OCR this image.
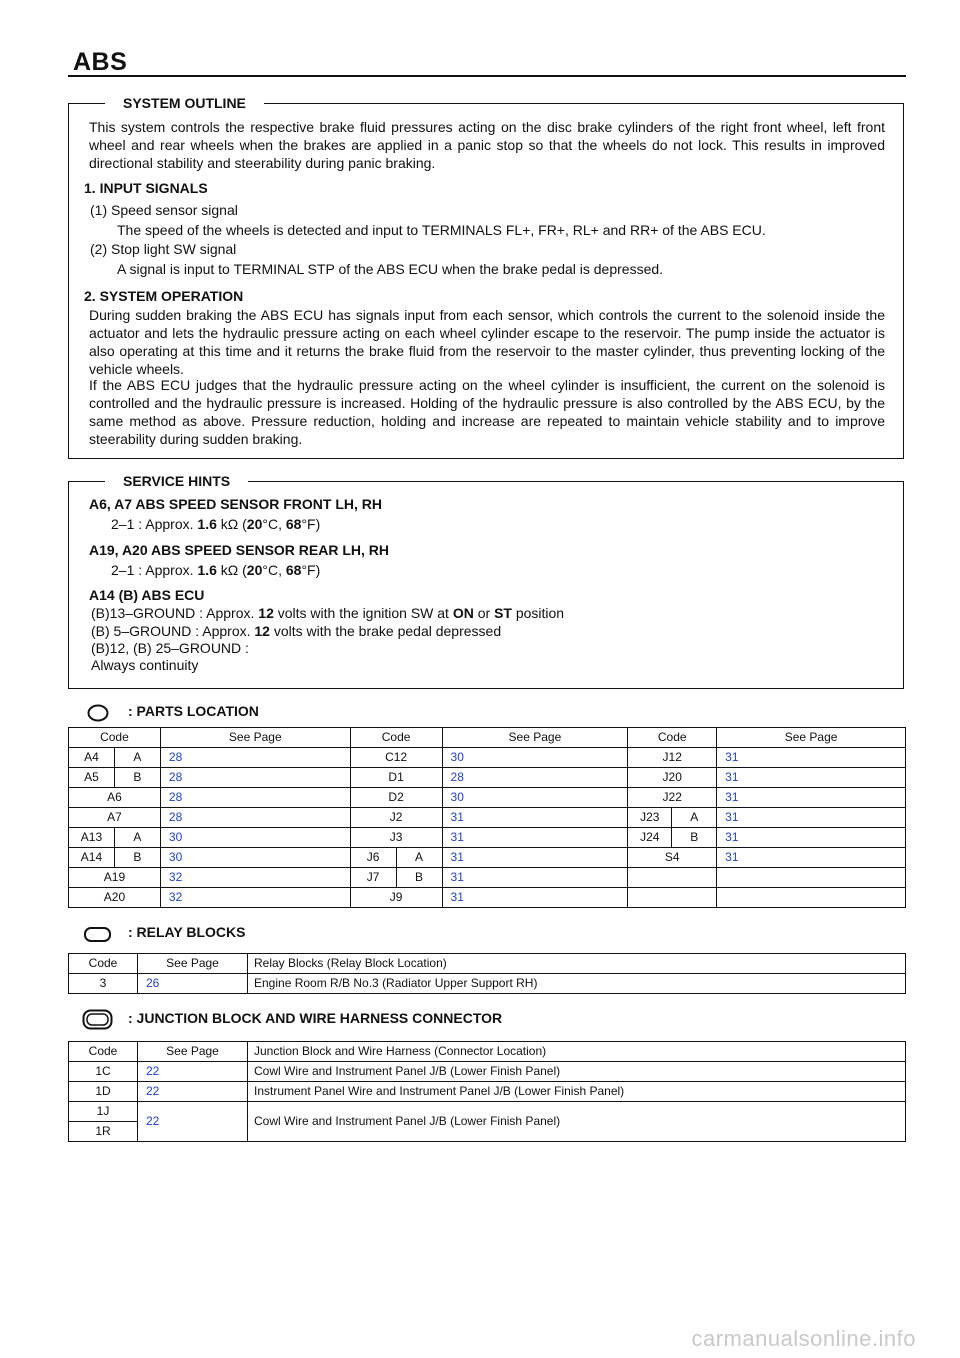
ABS
SYSTEM OUTLINE
This system controls the respective brake fluid pressures acting on the disc brake cylinders of the right front wheel, left front wheel and rear wheels when the brakes are applied in a panic stop so that the wheels do not lock. This results in improved directional stability and steerability during panic braking.
1. INPUT SIGNALS
(1) Speed sensor signal
The speed of the wheels is detected and input to TERMINALS FL+, FR+, RL+ and RR+ of the ABS ECU.
(2) Stop light SW signal
A signal is input to TERMINAL STP of the ABS ECU when the brake pedal is depressed.
2. SYSTEM OPERATION
During sudden braking the ABS ECU has signals input from each sensor, which controls the current to the solenoid inside the actuator and lets the hydraulic pressure acting on each wheel cylinder escape to the reservoir. The pump inside the actuator is also operating at this time and it returns the brake fluid from the reservoir to the master cylinder, thus preventing locking of the vehicle wheels.
If the ABS ECU judges that the hydraulic pressure acting on the wheel cylinder is insufficient, the current on the solenoid is controlled and the hydraulic pressure is increased. Holding of the hydraulic pressure is also controlled by the ABS ECU, by the same method as above. Pressure reduction, holding and increase are repeated to maintain vehicle stability and to improve steerability during sudden braking.
SERVICE HINTS
A6, A7 ABS SPEED SENSOR FRONT LH, RH
2–1 : Approx. 1.6 kΩ (20°C, 68°F)
A19, A20 ABS SPEED SENSOR REAR LH, RH
2–1 : Approx. 1.6 kΩ (20°C, 68°F)
A14 (B) ABS ECU
(B)13–GROUND : Approx. 12 volts with the ignition SW at ON or ST position
(B) 5–GROUND : Approx. 12 volts with the brake pedal depressed
(B)12, (B) 25–GROUND :
Always continuity
: PARTS LOCATION
Code		See Page	Code		See Page	Code		See Page
A4	A	28	C12		30	J12		31
A5	B	28	D1		28	J20		31
A6		28	D2		30	J22		31
A7		28	J2		31	J23	A	31
A13	A	30	J3		31	J24	B	31
A14	B	30	J6	A	31	S4		31
A19		32	J7	B	31			
A20		32	J9		31			
: RELAY BLOCKS
Code	See Page	Relay Blocks (Relay Block Location)
3	26	Engine Room R/B No.3 (Radiator Upper Support RH)
: JUNCTION BLOCK AND WIRE HARNESS CONNECTOR
Code	See Page	Junction Block and Wire Harness (Connector Location)
1C	22	Cowl Wire and Instrument Panel J/B (Lower Finish Panel)
1D	22	Instrument Panel Wire and Instrument Panel J/B (Lower Finish Panel)
1J	22	Cowl Wire and Instrument Panel J/B (Lower Finish Panel)
1R		
carmanualsonline.info
